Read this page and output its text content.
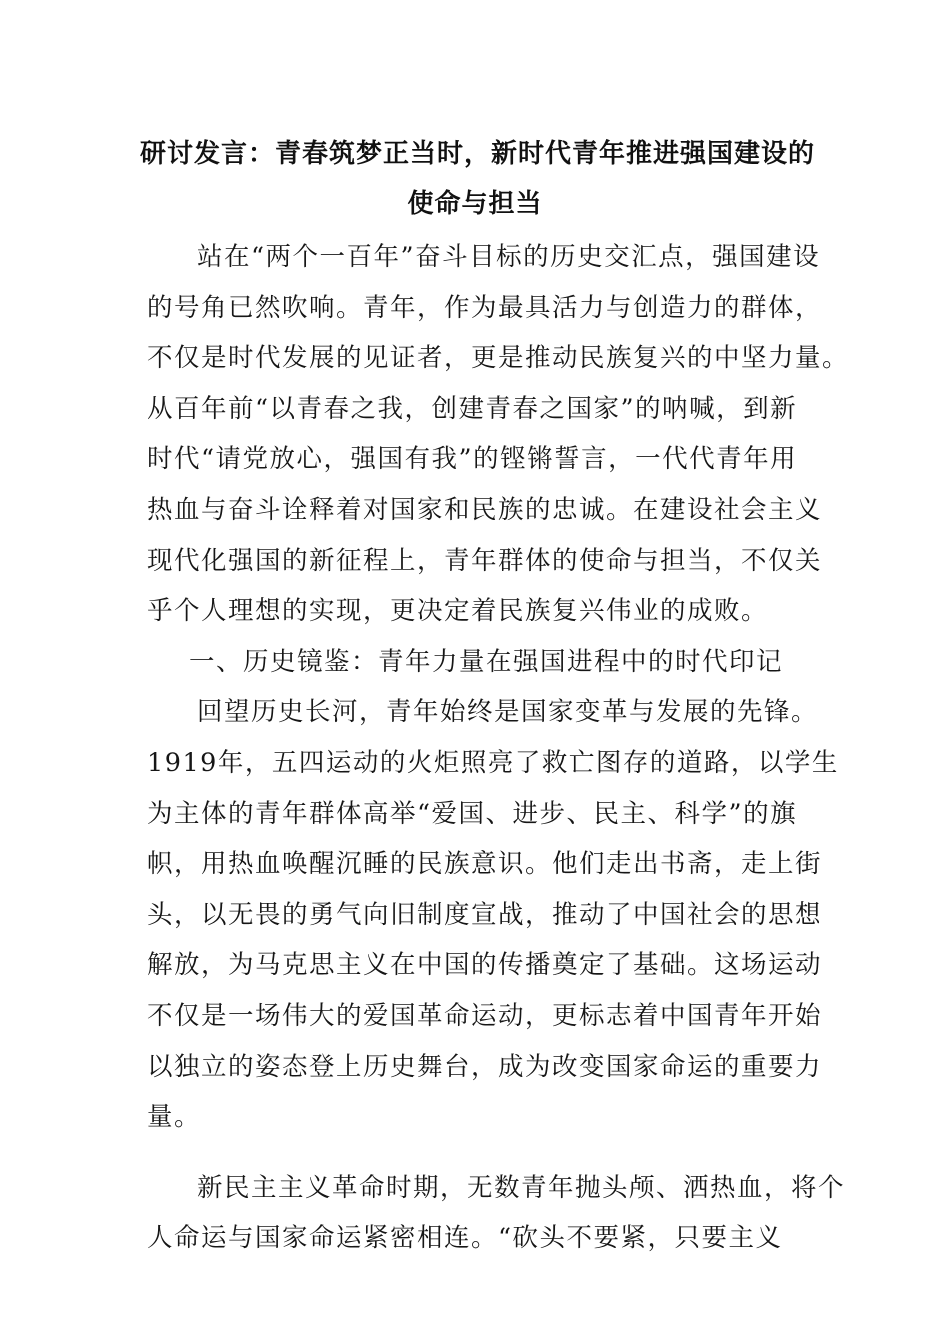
研讨发言：青春筑梦正当时，新时代青年推进强国建设的
使命与担当
站在“两个一百年”奋斗目标的历史交汇点，强国建设
的号角已然吹响。青年，作为最具活力与创造力的群体，
不仅是时代发展的见证者，更是推动民族复兴的中坚力量。
从百年前“以青春之我，创建青春之国家”的呐喊，到新
时代“请党放心，强国有我”的铿锵誓言，一代代青年用
热血与奋斗诠释着对国家和民族的忠诚。在建设社会主义
现代化强国的新征程上，青年群体的使命与担当，不仅关
乎个人理想的实现，更决定着民族复兴伟业的成败。
一、历史镜鉴：青年力量在强国进程中的时代印记
回望历史长河，青年始终是国家变革与发展的先锋。
1919年，五四运动的火炬照亮了救亡图存的道路，以学生
为主体的青年群体高举“爱国、进步、民主、科学”的旗
帜，用热血唤醒沉睡的民族意识。他们走出书斋，走上街
头，以无畏的勇气向旧制度宣战，推动了中国社会的思想
解放，为马克思主义在中国的传播奠定了基础。这场运动
不仅是一场伟大的爱国革命运动，更标志着中国青年开始
以独立的姿态登上历史舞台，成为改变国家命运的重要力
量。
新民主主义革命时期，无数青年抛头颅、洒热血，将个
人命运与国家命运紧密相连。“砍头不要紧，只要主义
